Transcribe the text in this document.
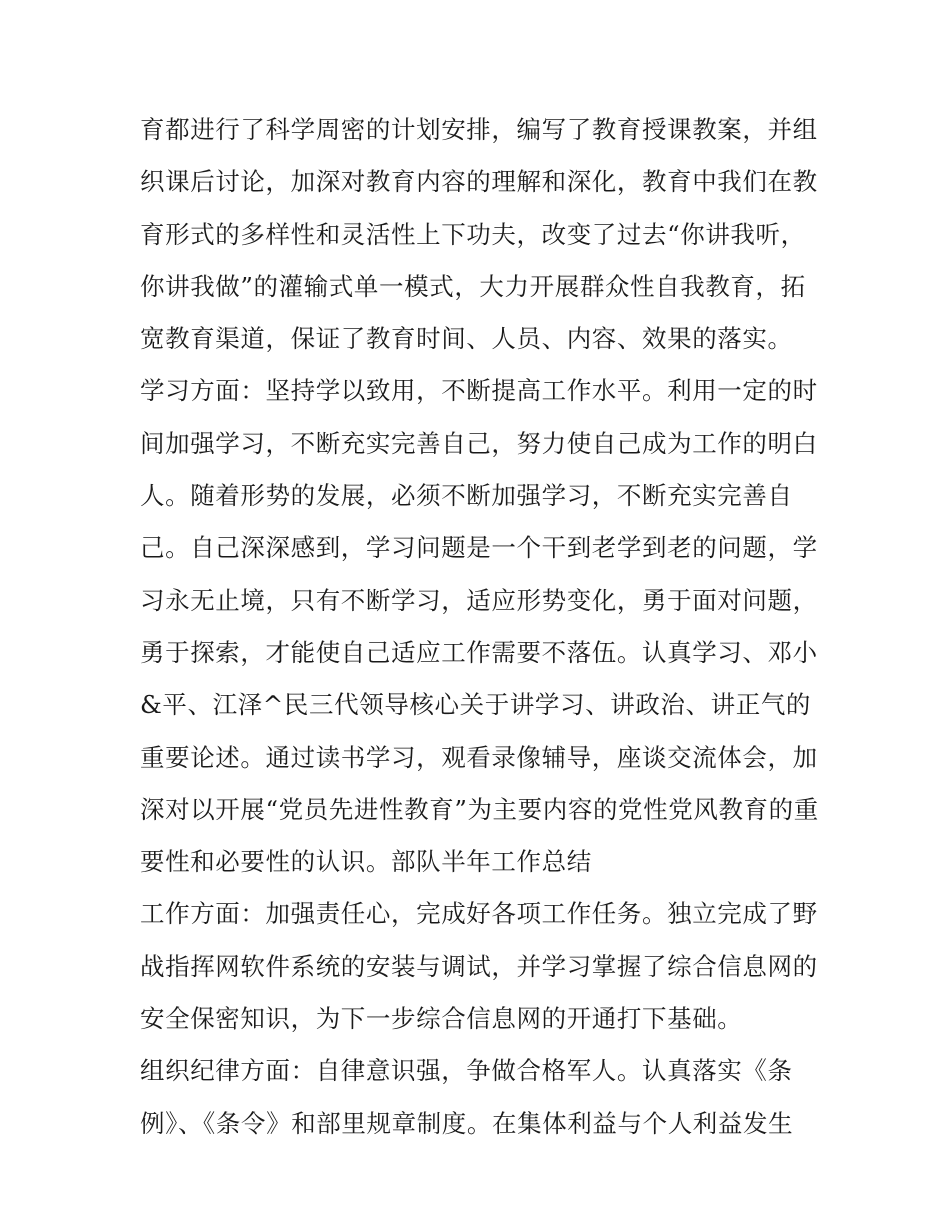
育都进行了科学周密的计划安排，编写了教育授课教案，并组
织课后讨论，加深对教育内容的理解和深化，教育中我们在教
育形式的多样性和灵活性上下功夫，改变了过去“你讲我听，
你讲我做”的灌输式单一模式，大力开展群众性自我教育，拓
宽教育渠道，保证了教育时间、人员、内容、效果的落实。
学习方面：坚持学以致用，不断提高工作水平。利用一定的时
间加强学习，不断充实完善自己，努力使自己成为工作的明白
人。随着形势的发展，必须不断加强学习，不断充实完善自
己。自己深深感到，学习问题是一个干到老学到老的问题，学
习永无止境，只有不断学习，适应形势变化，勇于面对问题，
勇于探索，才能使自己适应工作需要不落伍。认真学习、邓小
&平、江泽^民三代领导核心关于讲学习、讲政治、讲正气的
重要论述。通过读书学习，观看录像辅导，座谈交流体会，加
深对以开展“党员先进性教育”为主要内容的党性党风教育的重
要性和必要性的认识。部队半年工作总结
工作方面：加强责任心，完成好各项工作任务。独立完成了野
战指挥网软件系统的安装与调试，并学习掌握了综合信息网的
安全保密知识，为下一步综合信息网的开通打下基础。
组织纪律方面：自律意识强，争做合格军人。认真落实《条
例》、《条令》和部里规章制度。在集体利益与个人利益发生
